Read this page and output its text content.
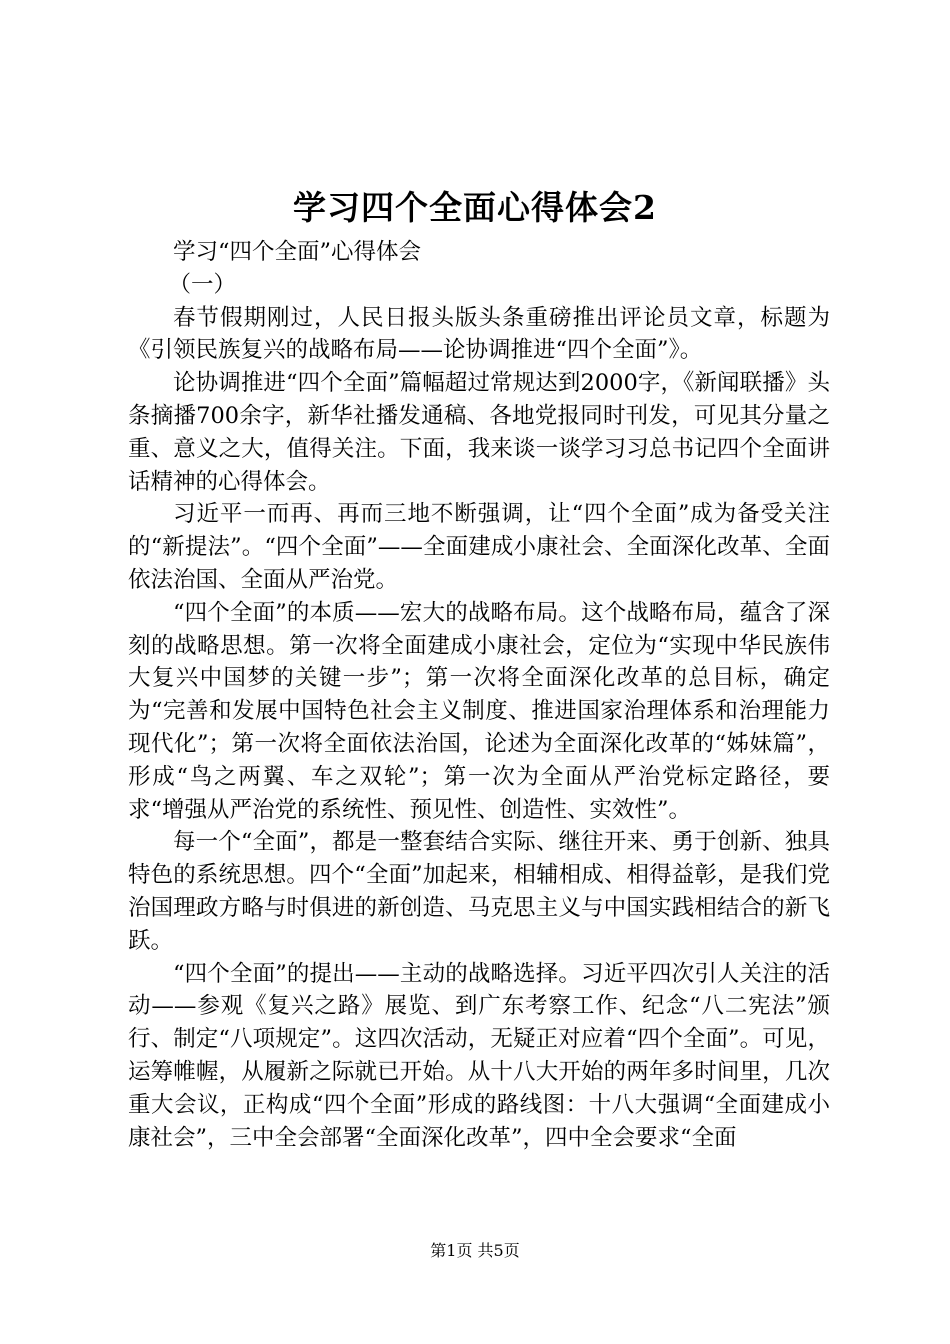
学习四个全面心得体会2

学习“四个全面”心得体会

（一）

春节假期刚过，人民日报头版头条重磅推出评论员文章，标题为《引领民族复兴的战略布局——论协调推进“四个全面”》。

论协调推进“四个全面”篇幅超过常规达到2000字，《新闻联播》头条摘播700余字，新华社播发通稿、各地党报同时刊发，可见其分量之重、意义之大，值得关注。下面，我来谈一谈学习习总书记四个全面讲话精神的心得体会。

习近平一而再、再而三地不断强调，让“四个全面”成为备受关注的“新提法”。“四个全面”——全面建成小康社会、全面深化改革、全面依法治国、全面从严治党。

“四个全面”的本质——宏大的战略布局。这个战略布局，蕴含了深刻的战略思想。第一次将全面建成小康社会，定位为“实现中华民族伟大复兴中国梦的关键一步”；第一次将全面深化改革的总目标，确定为“完善和发展中国特色社会主义制度、推进国家治理体系和治理能力现代化”；第一次将全面依法治国，论述为全面深化改革的“姊妹篇”，形成“鸟之两翼、车之双轮”；第一次为全面从严治党标定路径，要求“增强从严治党的系统性、预见性、创造性、实效性”。

每一个“全面”，都是一整套结合实际、继往开来、勇于创新、独具特色的系统思想。四个“全面”加起来，相辅相成、相得益彰，是我们党治国理政方略与时俱进的新创造、马克思主义与中国实践相结合的新飞跃。

“四个全面”的提出——主动的战略选择。习近平四次引人关注的活动——参观《复兴之路》展览、到广东考察工作、纪念“八二宪法”颁行、制定“八项规定”。这四次活动，无疑正对应着“四个全面”。可见，运筹帷幄，从履新之际就已开始。从十八大开始的两年多时间里，几次重大会议，正构成“四个全面”形成的路线图：十八大强调“全面建成小康社会”，三中全会部署“全面深化改革”，四中全会要求“全面

第1页 共5页
